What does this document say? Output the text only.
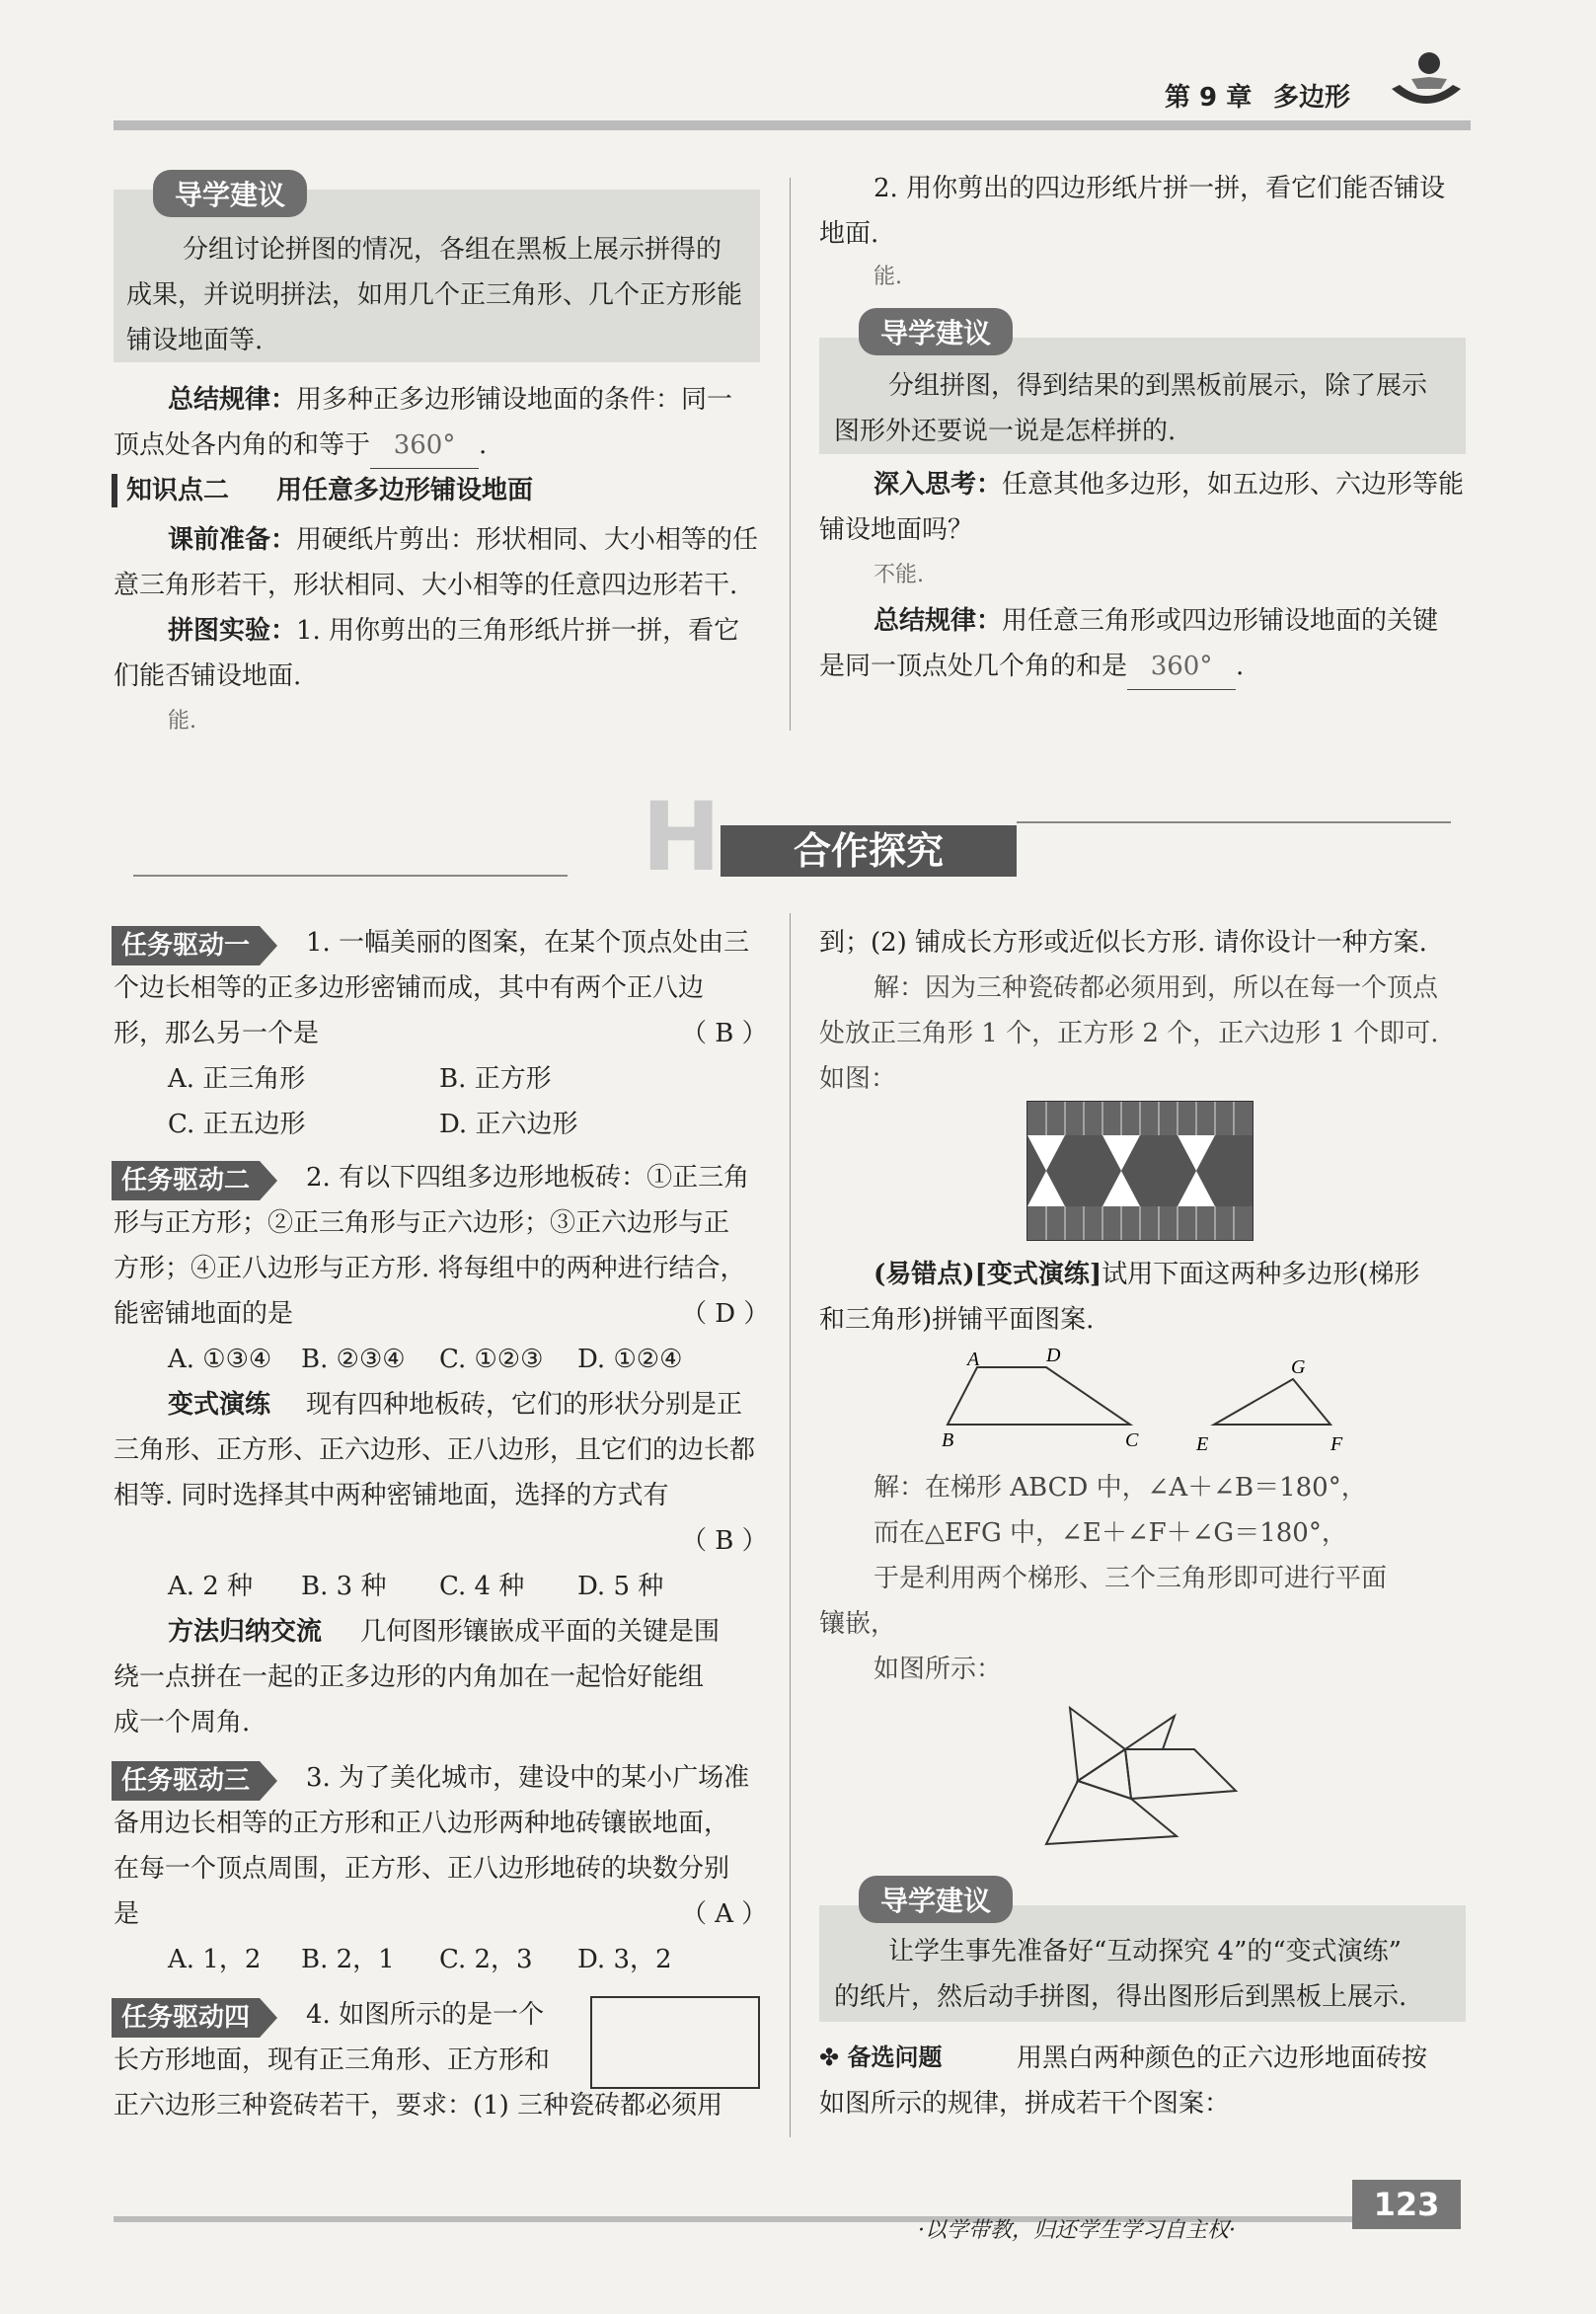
第 9 章 多边形
导学建议
分组讨论拼图的情况，各组在黑板上展示拼得的
成果，并说明拼法，如用几个正三角形、几个正方形能
铺设地面等.
总结规律：用多种正多边形铺设地面的条件：同一
顶点处各内角的和等于 360° .
知识点二 用任意多边形铺设地面
课前准备：用硬纸片剪出：形状相同、大小相等的任
意三角形若干，形状相同、大小相等的任意四边形若干.
拼图实验：1. 用你剪出的三角形纸片拼一拼，看它
们能否铺设地面.
能.
2. 用你剪出的四边形纸片拼一拼，看它们能否铺设
地面.
能.
导学建议
分组拼图，得到结果的到黑板前展示，除了展示
图形外还要说一说是怎样拼的.
深入思考：任意其他多边形，如五边形、六边形等能
铺设地面吗？
不能.
总结规律：用任意三角形或四边形铺设地面的关键
是同一顶点处几个角的和是 360° .
H	合作探究
任务驱动一	1. 一幅美丽的图案，在某个顶点处由三
个边长相等的正多边形密铺而成，其中有两个正八边
形，那么另一个是	（ B ）
A. 正三角形	B. 正方形
C. 正五边形	D. 正六边形
任务驱动二	2. 有以下四组多边形地板砖：①正三角
形与正方形；②正三角形与正六边形；③正六边形与正
方形；④正八边形与正方形. 将每组中的两种进行结合，
能密铺地面的是	（ D ）
A. ①③④ B. ②③④ C. ①②③ D. ①②④
变式演练 现有四种地板砖，它们的形状分别是正
三角形、正方形、正六边形、正八边形，且它们的边长都
相等. 同时选择其中两种密铺地面，选择的方式有
（ B ）
A. 2 种 B. 3 种 C. 4 种 D. 5 种
方法归纳交流 几何图形镶嵌成平面的关键是围
绕一点拼在一起的正多边形的内角加在一起恰好能组
成一个周角.
任务驱动三	3. 为了美化城市，建设中的某小广场准
备用边长相等的正方形和正八边形两种地砖镶嵌地面，
在每一个顶点周围，正方形、正八边形地砖的块数分别
是	（ A ）
A. 1，2 B. 2，1 C. 2，3 D. 3，2
任务驱动四	4. 如图所示的是一个
长方形地面，现有正三角形、正方形和
正六边形三种瓷砖若干，要求：(1) 三种瓷砖都必须用
到；(2) 铺成长方形或近似长方形. 请你设计一种方案.
解：因为三种瓷砖都必须用到，所以在每一个顶点
处放正三角形 1 个，正方形 2 个，正六边形 1 个即可.
如图：
(易错点)[变式演练]试用下面这两种多边形(梯形
和三角形)拼铺平面图案.
A	D
B	C
G
E	F
解：在梯形 ABCD 中，∠A＋∠B＝180°，
而在△EFG 中，∠E＋∠F＋∠G＝180°，
于是利用两个梯形、三个三角形即可进行平面
镶嵌，
如图所示：
导学建议
让学生事先准备好“互动探究 4”的“变式演练”
的纸片，然后动手拼图，得出图形后到黑板上展示.
✤ 备选问题	用黑白两种颜色的正六边形地面砖按
如图所示的规律，拼成若干个图案：
·以学带教，归还学生学习自主权·
123
